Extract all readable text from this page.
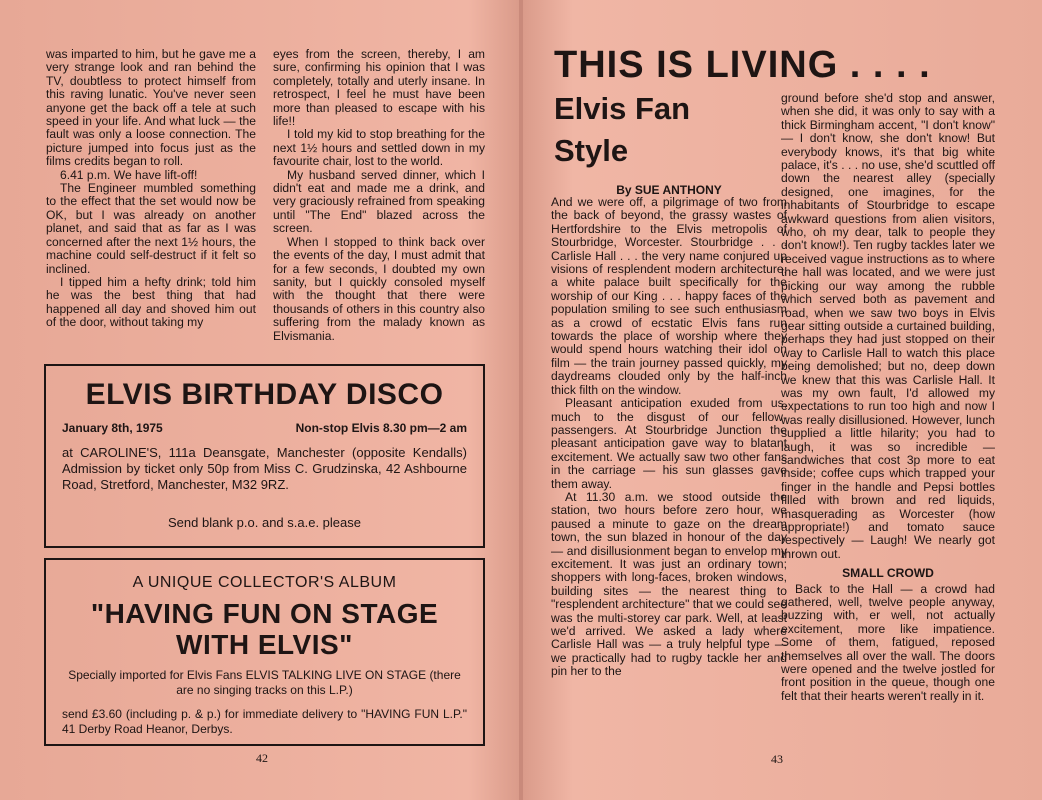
was imparted to him, but he gave me a very strange look and ran behind the TV, doubtless to protect himself from this raving lunatic. You've never seen anyone get the back off a tele at such speed in your life. And what luck — the fault was only a loose connection. The picture jumped into focus just as the films credits began to roll.

6.41 p.m. We have lift-off!

The Engineer mumbled something to the effect that the set would now be OK, but I was already on another planet, and said that as far as I was concerned after the next 1½ hours, the machine could self-destruct if it felt so inclined.

I tipped him a hefty drink; told him he was the best thing that had happened all day and shoved him out of the door, without taking my

eyes from the screen, thereby, I am sure, confirming his opinion that I was completely, totally and uterly insane. In retrospect, I feel he must have been more than pleased to escape with his life!!

I told my kid to stop breathing for the next 1½ hours and settled down in my favourite chair, lost to the world.

My husband served dinner, which I didn't eat and made me a drink, and very graciously refrained from speaking until "The End" blazed across the screen.

When I stopped to think back over the events of the day, I must admit that for a few seconds, I doubted my own sanity, but I quickly consoled myself with the thought that there were thousands of others in this country also suffering from the malady known as Elvismania.

ELVIS BIRTHDAY DISCO
January 8th, 1975	Non-stop Elvis 8.30 pm—2 am
at CAROLINE'S, 111a Deansgate, Manchester (opposite Kendalls) Admission by ticket only 50p from Miss C. Grudzinska, 42 Ashbourne Road, Stretford, Manchester, M32 9RZ.
Send blank p.o. and s.a.e. please
A UNIQUE COLLECTOR'S ALBUM
"HAVING FUN ON STAGE
WITH ELVIS"
Specially imported for Elvis Fans ELVIS TALKING LIVE ON STAGE (there are no singing tracks on this L.P.)
send £3.60 (including p. & p.) for immediate delivery to "HAVING FUN L.P." 41 Derby Road Heanor, Derbys.
42
THIS IS LIVING . . . .
Elvis Fan
Style
By SUE ANTHONY

And we were off, a pilgrimage of two from the back of beyond, the grassy wastes of Hertfordshire to the Elvis metropolis of Stourbridge, Worcester. Stourbridge . . . Carlisle Hall . . . the very name conjured up visions of resplendent modern architecture, a white palace built specifically for the worship of our King . . . happy faces of the population smiling to see such enthusiasm as a crowd of ecstatic Elvis fans run towards the place of worship where they would spend hours watching their idol on film — the train journey passed quickly, my daydreams clouded only by the half-inch thick filth on the window.

Pleasant anticipation exuded from us, much to the disgust of our fellow-passengers. At Stourbridge Junction the pleasant anticipation gave way to blatant excitement. We actually saw two other fans in the carriage — his sun glasses gave them away.

At 11.30 a.m. we stood outside the station, two hours before zero hour, we paused a minute to gaze on the dream town, the sun blazed in honour of the day — and disillusionment began to envelop my excitement. It was just an ordinary town; shoppers with long-faces, broken windows, building sites — the nearest thing to "resplendent architecture" that we could see was the multi-storey car park. Well, at least we'd arrived. We asked a lady where Carlisle Hall was — a truly helpful type — we practically had to rugby tackle her and pin her to the

ground before she'd stop and answer, when she did, it was only to say with a thick Birmingham accent, "I don't know" — I don't know, she don't know! But everybody knows, it's that big white palace, it's . . . no use, she'd scuttled off down the nearest alley (specially designed, one imagines, for the inhabitants of Stourbridge to escape awkward questions from alien visitors, who, oh my dear, talk to people they don't know!). Ten rugby tackles later we received vague instructions as to where the hall was located, and we were just picking our way among the rubble which served both as pavement and road, when we saw two boys in Elvis gear sitting outside a curtained building, perhaps they had just stopped on their way to Carlisle Hall to watch this place being demolished; but no, deep down we knew that this was Carlisle Hall. It was my own fault, I'd allowed my expectations to run too high and now I was really disillusioned. However, lunch supplied a little hilarity; you had to laugh, it was so incredible — sandwiches that cost 3p more to eat inside; coffee cups which trapped your finger in the handle and Pepsi bottles filled with brown and red liquids, masquerading as Worcester (how appropriate!) and tomato sauce respectively — Laugh! We nearly got thrown out.

SMALL CROWD

Back to the Hall — a crowd had gathered, well, twelve people anyway, buzzing with, er well, not actually excitement, more like impatience. Some of them, fatigued, reposed themselves all over the wall. The doors were opened and the twelve jostled for front position in the queue, though one felt that their hearts weren't really in it.

43
